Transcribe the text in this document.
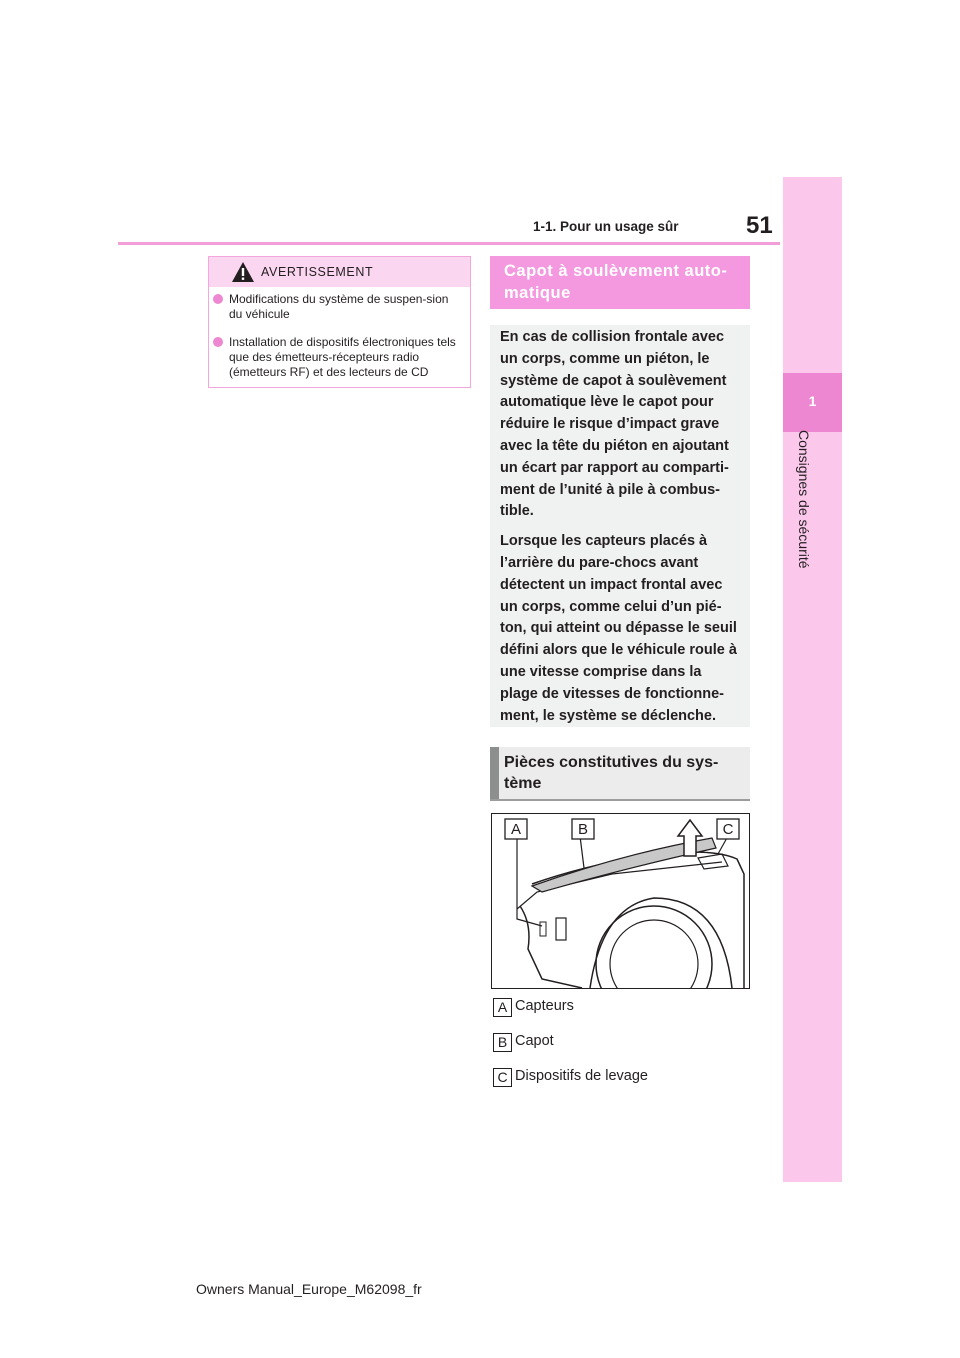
1-1. Pour un usage sûr	51
1
Consignes de sécurité
AVERTISSEMENT
Modifications du système de suspen-sion du véhicule
Installation de dispositifs électroniques tels que des émetteurs-récepteurs radio (émetteurs RF) et des lecteurs de CD
Capot à soulèvement auto-matique

En cas de collision frontale avec un corps, comme un piéton, le système de capot à soulèvement automatique lève le capot pour réduire le risque d’impact grave avec la tête du piéton en ajoutant un écart par rapport au comparti-ment de l’unité à pile à combus-tible.

Lorsque les capteurs placés à l’arrière du pare-chocs avant détectent un impact frontal avec un corps, comme celui d’un pié-ton, qui atteint ou dépasse le seuil défini alors que le véhicule roule à une vitesse comprise dans la plage de vitesses de fonctionne-ment, le système se déclenche.

Pièces constitutives du sys-tème
A	B	C
A Capteurs
B Capot
C Dispositifs de levage
Owners Manual_Europe_M62098_fr
